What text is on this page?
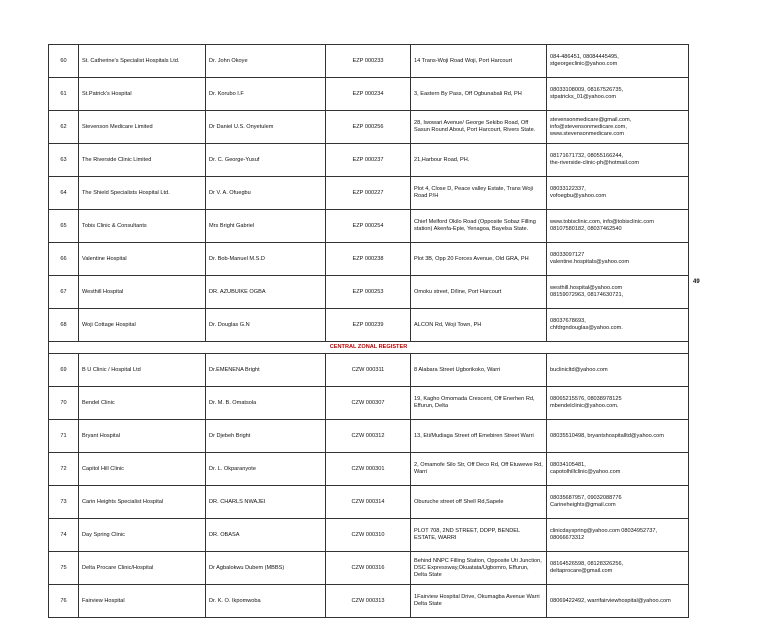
60	St. Catherine's Specialist Hospitals Ltd.	Dr. John Okoye	EZP 000233	14 Trans-Woji Road Woji, Port Harcourt	084-486451, 08084445495,
stgeorgeclinic@yahoo.com
61	St.Patrick's Hospital	Dr. Korubo I.F	EZP 000234	3, Eastern By Pass, Off Ogbunabali Rd, PH	08033108009, 08167526735,
stpatricks_01@yahoo.com
62	Stevenson Medicare Limited	Dr Daniel U.S. Onyetulem	EZP 000256	28, Iwowari Avenue/ George Sekibo Road, Off Sasun Round About, Port Harcourt, Rivers State.	stevensonmedicare@gmail.com,
info@stevensonmedicare.com,
www.stevensonmedicare.com
63	The Riverside Clinic Limited	Dr. C. George-Yusuf	EZP 000237	21,Harbour Road, PH.	08171671732, 08055166244,
the-riverside-clinic-ph@hotmail.com
64	The Shield Specialists Hospital Ltd.	Dr V. A. Ofuegbu	EZP 000227	Plot 4, Close D, Peace valley Estate, Trans Woji Road P/H	08033122337,
vofoegbu@yahoo.com
65	Tobis Clinic & Consultants	Mrs Bright Gabriel	EZP 000254	Chief Melford Okilo Road (Opposite Sobaz Filling station) Akenfa-Epie, Yenagoa, Bayelsa State.	www.tobisclinic.com, info@tobisclinic.com
08107580182, 08037462540
66	Valentine Hospital	Dr. Bob-Manuel M.S.D	EZP 000238	Plot 3B, Opp 20 Forces Avenue, Old GRA, PH	08033097127
valentine.hospitals@yahoo.com
67	Westhill Hospital	DR. AZUBUIKE OGBA	EZP 000253	Omoku street, D/line, Port Harcourt	westhill.hospital@yahoo.com
08159072963, 08174630721,
68	Woji Cottage Hospital	Dr. Douglas G.N	EZP 000239	ALCON Rd, Woji Town, PH	08037678693,
chfdrgndouglas@yahoo.com.
CENTRAL ZONAL REGISTER					
69	B U Clinic / Hospital Ltd	Dr.EMENENA Bright	CZW 000311	8 Alabara Street Ugborikoko, Warri	buclinicltd@yahoo.com
70	Bendel Clinic	Dr. M. B. Omatsola	CZW 000307	19, Kagho Omomada Crescent, Off Enerhen Rd, Effurun, Delta	08065215576, 08038978125
mbendelclinic@yahoo.com.
71	Bryant Hospital	Dr Djebeh Bright	CZW 000312	13, Eti/Mudiaga Street off Emebiren Street Warri	08035510498, bryantshospitalltd@yahoo.com
72	Capitol Hill Clinic	Dr. L. Okparanyote	CZW 000301	2, Omamofe Silo Str, Off Deco Rd, Off Etuwewe Rd, Warri	08034105481,
capotolhillclinic@yahoo.com
73	Carin Heights Specialist Hospital	DR. CHARLS NWAJEI	CZW 000314	Oburuche street off Shell Rd,Sapele	08035687957, 09032088776
Carineheights@gmail.com
74	Day Spring Clinic	DR. OBASA	CZW 000310	PLOT 708, 2ND STREET, DDPP, BENDEL ESTATE, WARRI	clinicdayspring@yahoo.com 08034952737,
08066673312
75	Delta Procare Clinic/Hospital	Dr Agbalokwu Dubem (MBBS)	CZW 000316	Behind NNPC Filling Station, Opposite Uti Junction, DSC Expressway,Okuatata/Ugbomro, Effurun, Delta State	08164526598, 08128326256,
deltaprocare@gmail.com
76	Fairview Hospital	Dr. K. O. Ikpomwoba	CZW 000313	1Fairview Hospital Drive, Okumagba Avenue Warri Delta State	08069422492, warrifairviewhospital@yahoo.com
49
